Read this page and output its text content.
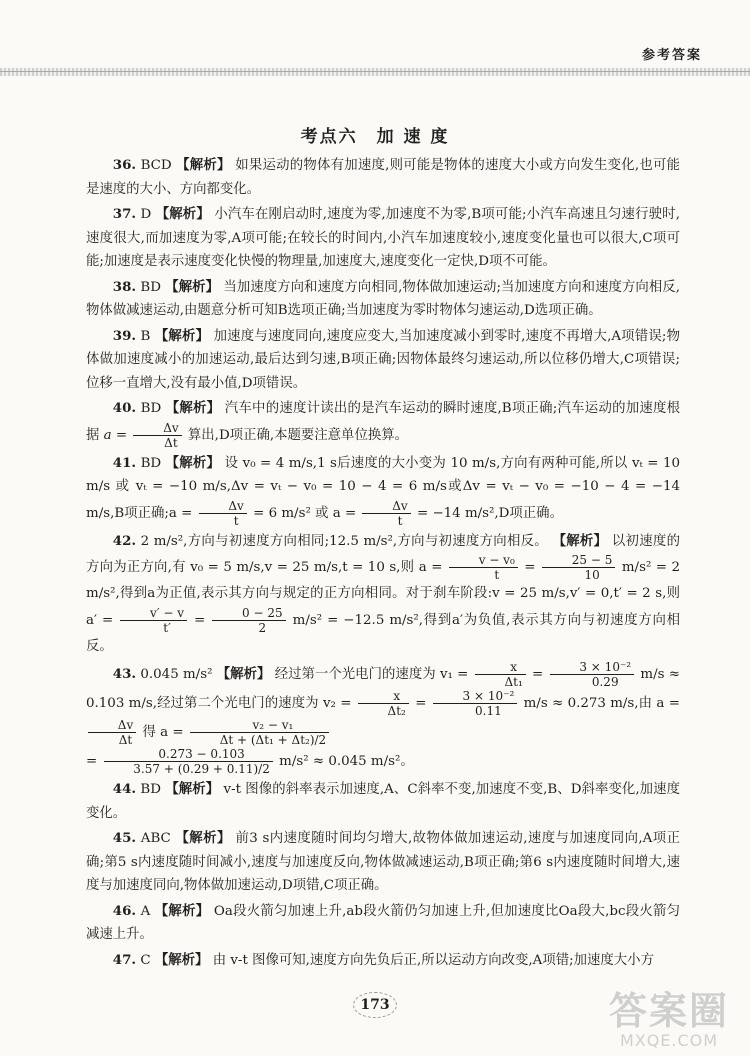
参考答案
考点六　加 速 度

36. BCD 【解析】 如果运动的物体有加速度,则可能是物体的速度大小或方向发生变化,也可能是速度的大小、方向都变化。

37. D 【解析】 小汽车在刚启动时,速度为零,加速度不为零,B项可能;小汽车高速且匀速行驶时,速度很大,而加速度为零,A项可能;在较长的时间内,小汽车加速度较小,速度变化量也可以很大,C项可能;加速度是表示速度变化快慢的物理量,加速度大,速度变化一定快,D项不可能。

38. BD 【解析】 当加速度方向和速度方向相同,物体做加速运动;当加速度方向和速度方向相反,物体做减速运动,由题意分析可知B选项正确;当加速度为零时物体匀速运动,D选项正确。

39. B 【解析】 加速度与速度同向,速度应变大,当加速度减小到零时,速度不再增大,A项错误;物体做加速度减小的加速运动,最后达到匀速,B项正确;因物体最终匀速运动,所以位移仍增大,C项错误;位移一直增大,没有最小值,D项错误。

40. BD 【解析】 汽车中的速度计读出的是汽车运动的瞬时速度,B项正确;汽车运动的加速度根据 $a = \frac{\Delta v}{\Delta t}$ 算出,D项正确,本题要注意单位换算。

41. BD 【解析】 设 v₀ = 4 m/s,1 s后速度的大小变为 10 m/s,方向有两种可能,所以 vₜ = 10 m/s 或 vₜ = −10 m/s,Δv = vₜ − v₀ = 10 − 4 = 6 m/s或Δv = vₜ − v₀ = −10 − 4 = −14 m/s,B项正确;a = $\frac{\Delta v}{t} = 6$ m/s² 或 $a = \frac{\Delta v}{t} = -14$ m/s²,D项正确。

42. 2 m/s²,方向与初速度方向相同;12.5 m/s²,方向与初速度方向相反。 【解析】 以初速度的方向为正方向,有 v₀ = 5 m/s,v = 25 m/s,t = 10 s,则 $a = \frac{\text{v − v₀}}{t} = \frac{25 - 5}{10} m/s^2 = 2$ m/s²,得到a为正值,表示其方向与规定的正方向相同。对于刹车阶段:v = 25 m/s,v′ = 0,t′ = 2 s,则 $a' = \frac{v' - v}{t'} = \frac{0 - 25}{2} m/s^2 = -12.5$ m/s²,得到a′为负值,表示其方向与初速度方向相反。

43. 0.045 m/s² 【解析】 经过第一个光电门的速度为 $v_1 = \frac{x}{\text{Δt₁}} = \frac{\text{3 × 10⁻²}}{0.29} m/s \approx 0.103$ m/s,经过第二个光电门的速度为 $v_2 = \frac{x}{\text{Δt₂}} = \frac{\text{3 × 10⁻²}}{0.11} m/s \approx 0.273$ m/s,由 a =
$\frac{\Delta v}{\Delta t}$ 得 $a = \frac{\text{v₂ − v₁}}{\text{Δt + (Δt₁ + Δt₂)/2}}$

= $\frac{0.273 - 0.103}{3.57 + (0.29 + 0.11)/2} m/s^2 \approx 0.045$ m/s²。

44. BD 【解析】 v-t 图像的斜率表示加速度,A、C斜率不变,加速度不变,B、D斜率变化,加速度变化。

45. ABC 【解析】 前3 s内速度随时间均匀增大,故物体做加速运动,速度与加速度同向,A项正确;第5 s内速度随时间减小,速度与加速度反向,物体做减速运动,B项正确;第6 s内速度随时间增大,速度与加速度同向,物体做加速运动,D项错,C项正确。

46. A 【解析】 Oa段火箭匀加速上升,ab段火箭仍匀加速上升,但加速度比Oa段大,bc段火箭匀减速上升。

47. C 【解析】 由 v-t 图像可知,速度方向先负后正,所以运动方向改变,A项错;加速度大小方

173	答案圈
MXQE.COM
